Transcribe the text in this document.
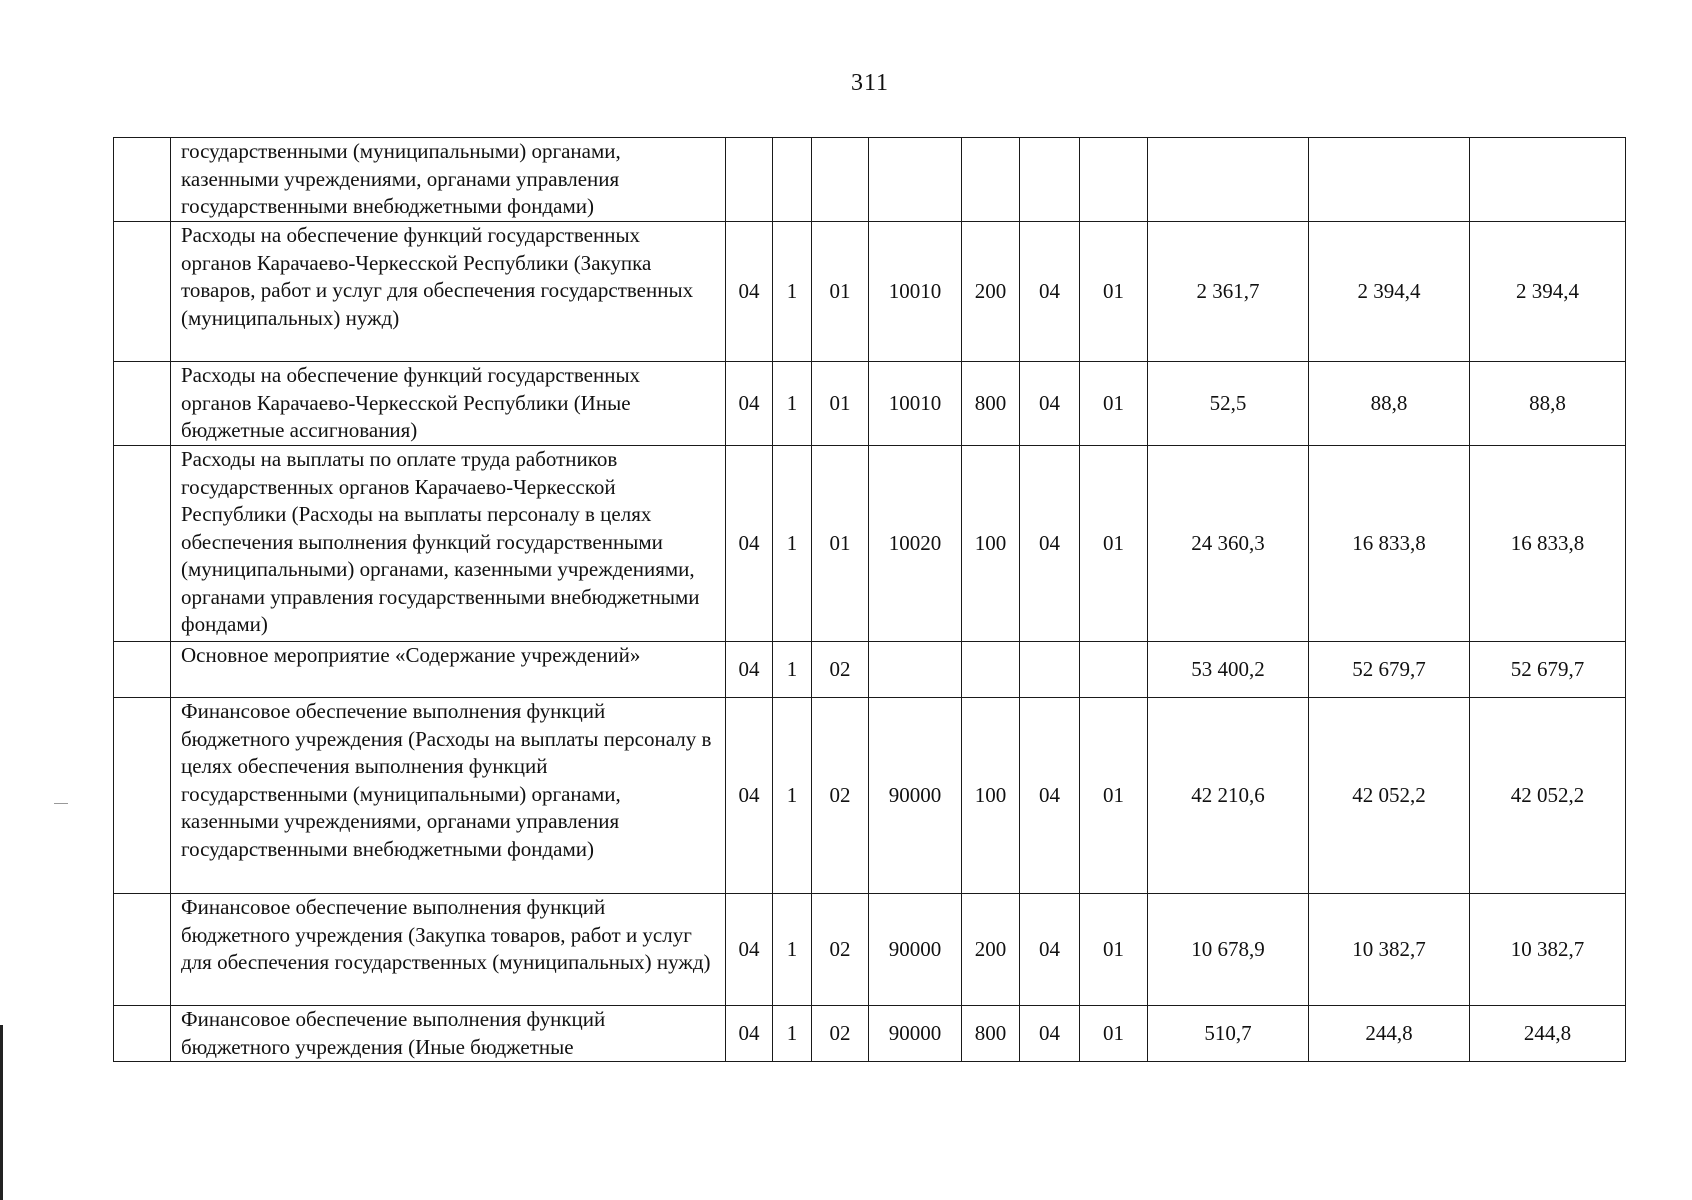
311
	государственными (муниципальными) органами, казенными учреждениями, органами управления государственными внебюджетными фондами)										
	Расходы на обеспечение функций государственных органов Карачаево-Черкесской Республики (Закупка товаров, работ и услуг для обеспечения государственных (муниципальных) нужд)	04	1	01	10010	200	04	01	2 361,7	2 394,4	2 394,4
	Расходы на обеспечение функций государственных органов Карачаево-Черкесской Республики (Иные бюджетные ассигнования)	04	1	01	10010	800	04	01	52,5	88,8	88,8
	Расходы на выплаты по оплате труда работников государственных органов Карачаево-Черкесской Республики (Расходы на выплаты персоналу в целях обеспечения выполнения функций государственными (муниципальными) органами, казенными учреждениями, органами управления государственными внебюджетными фондами)	04	1	01	10020	100	04	01	24 360,3	16 833,8	16 833,8
	Основное мероприятие «Содержание учреждений»	04	1	02					53 400,2	52 679,7	52 679,7
	Финансовое обеспечение выполнения функций бюджетного учреждения (Расходы на выплаты персоналу в целях обеспечения выполнения функций государственными (муниципальными) органами, казенными учреждениями, органами управления государственными внебюджетными фондами)	04	1	02	90000	100	04	01	42 210,6	42 052,2	42 052,2
	Финансовое обеспечение выполнения функций бюджетного учреждения (Закупка товаров, работ и услуг для обеспечения государственных (муниципальных) нужд)	04	1	02	90000	200	04	01	10 678,9	10 382,7	10 382,7
	Финансовое обеспечение выполнения функций бюджетного учреждения (Иные бюджетные	04	1	02	90000	800	04	01	510,7	244,8	244,8
